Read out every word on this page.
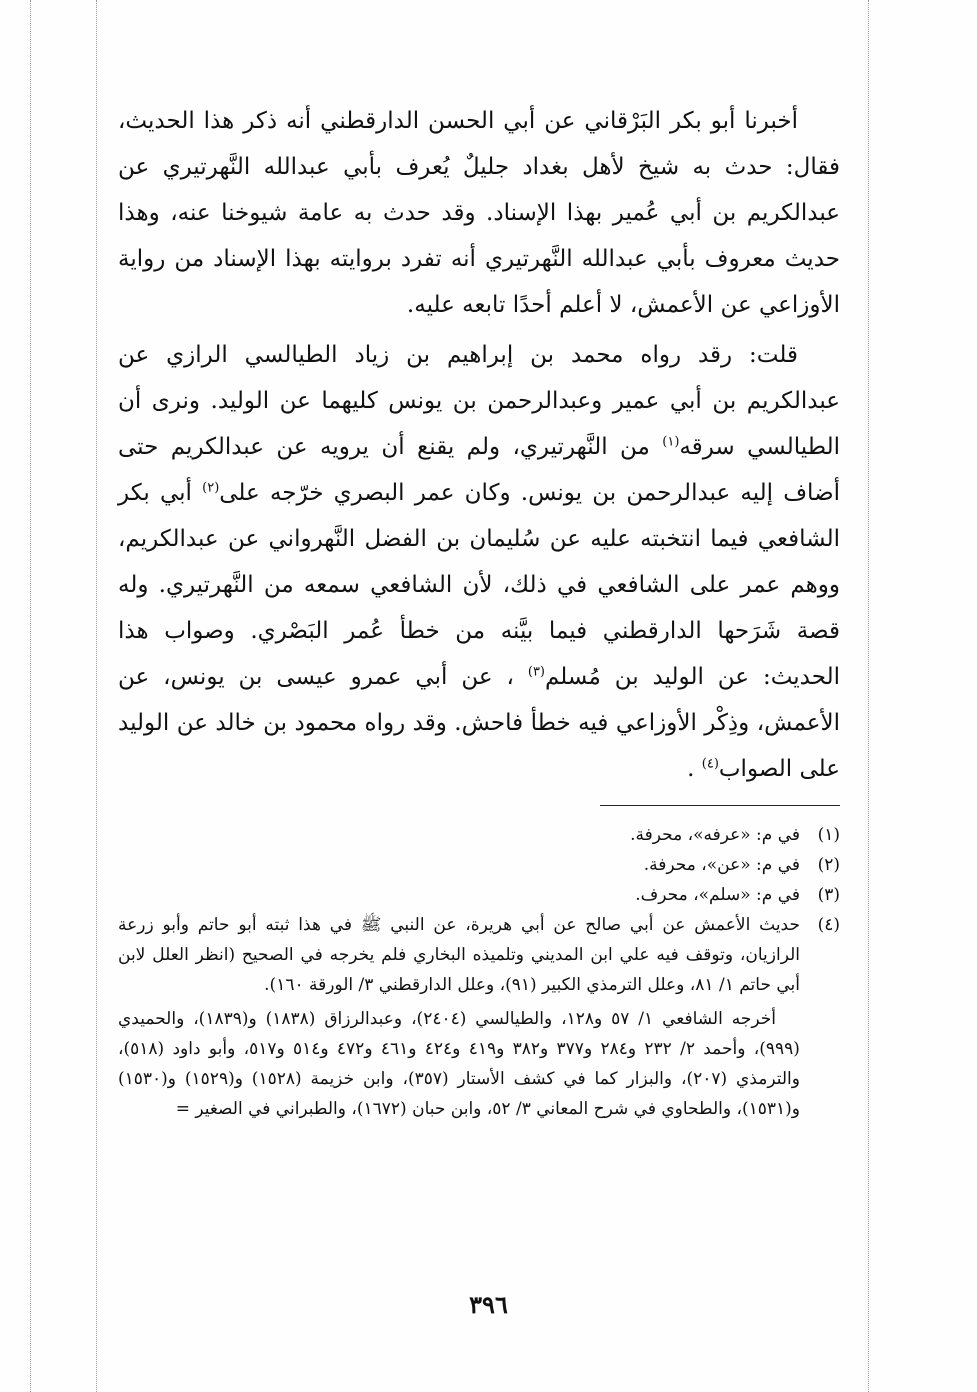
أخبرنا أبو بكر البَرْقاني عن أبي الحسن الدارقطني أنه ذكر هذا الحديث، فقال: حدث به شيخ لأهل بغداد جليلٌ يُعرف بأبي عبدالله النَّهرتيري عن عبدالكريم بن أبي عُمير بهذا الإسناد. وقد حدث به عامة شيوخنا عنه، وهذا حديث معروف بأبي عبدالله النَّهرتيري أنه تفرد بروايته بهذا الإسناد من رواية الأوزاعي عن الأعمش، لا أعلم أحدًا تابعه عليه.

قلت: رقد رواه محمد بن إبراهيم بن زياد الطيالسي الرازي عن عبدالكريم بن أبي عمير وعبدالرحمن بن يونس كليهما عن الوليد. ونرى أن الطيالسي سرقه$^{(١)}$ من النَّهرتيري، ولم يقنع أن يرويه عن عبدالكريم حتى أضاف إليه عبدالرحمن بن يونس. وكان عمر البصري خرّجه على$^{(٢)}$ أبي بكر الشافعي فيما انتخبته عليه عن سُليمان بن الفضل النَّهرواني عن عبدالكريم، ووهم عمر على الشافعي في ذلك، لأن الشافعي سمعه من النَّهرتيري. وله قصة شَرَحها الدارقطني فيما بيَّنه من خطأ عُمر البَصْري. وصواب هذا الحديث: عن الوليد بن مُسلم$^{(٣)}$ ، عن أبي عمرو عيسى بن يونس، عن الأعمش، وذِكْر الأوزاعي فيه خطأ فاحش. وقد رواه محمود بن خالد عن الوليد على الصواب$^{(٤)}$ .

(١)
في م: «عرفه»، محرفة.
(٢)
في م: «عن»، محرفة.
(٣)
في م: «سلم»، محرف.
(٤)
حديث الأعمش عن أبي صالح عن أبي هريرة، عن النبي ﷺ في هذا ثبته أبو حاتم وأبو زرعة الرازيان، وتوقف فيه علي ابن المديني وتلميذه البخاري فلم يخرجه في الصحيح (انظر العلل لابن أبي حاتم ١/ ٨١، وعلل الترمذي الكبير (٩١)، وعلل الدارقطني ٣/ الورقة ١٦٠).
أخرجه الشافعي ١/ ٥٧ و١٢٨، والطيالسي (٢٤٠٤)، وعبدالرزاق (١٨٣٨) و(١٨٣٩)، والحميدي (٩٩٩)، وأحمد ٢/ ٢٣٢ و٢٨٤ و٣٧٧ و٣٨٢ و٤١٩ و٤٢٤ و٤٦١ و٤٧٢ و٥١٤ و٥١٧، وأبو داود (٥١٨)، والترمذي (٢٠٧)، والبزار كما في كشف الأستار (٣٥٧)، وابن خزيمة (١٥٢٨) و(١٥٢٩) و(١٥٣٠) و(١٥٣١)، والطحاوي في شرح المعاني ٣/ ٥٢، وابن حبان (١٦٧٢)، والطبراني في الصغير =
٣٩٦
